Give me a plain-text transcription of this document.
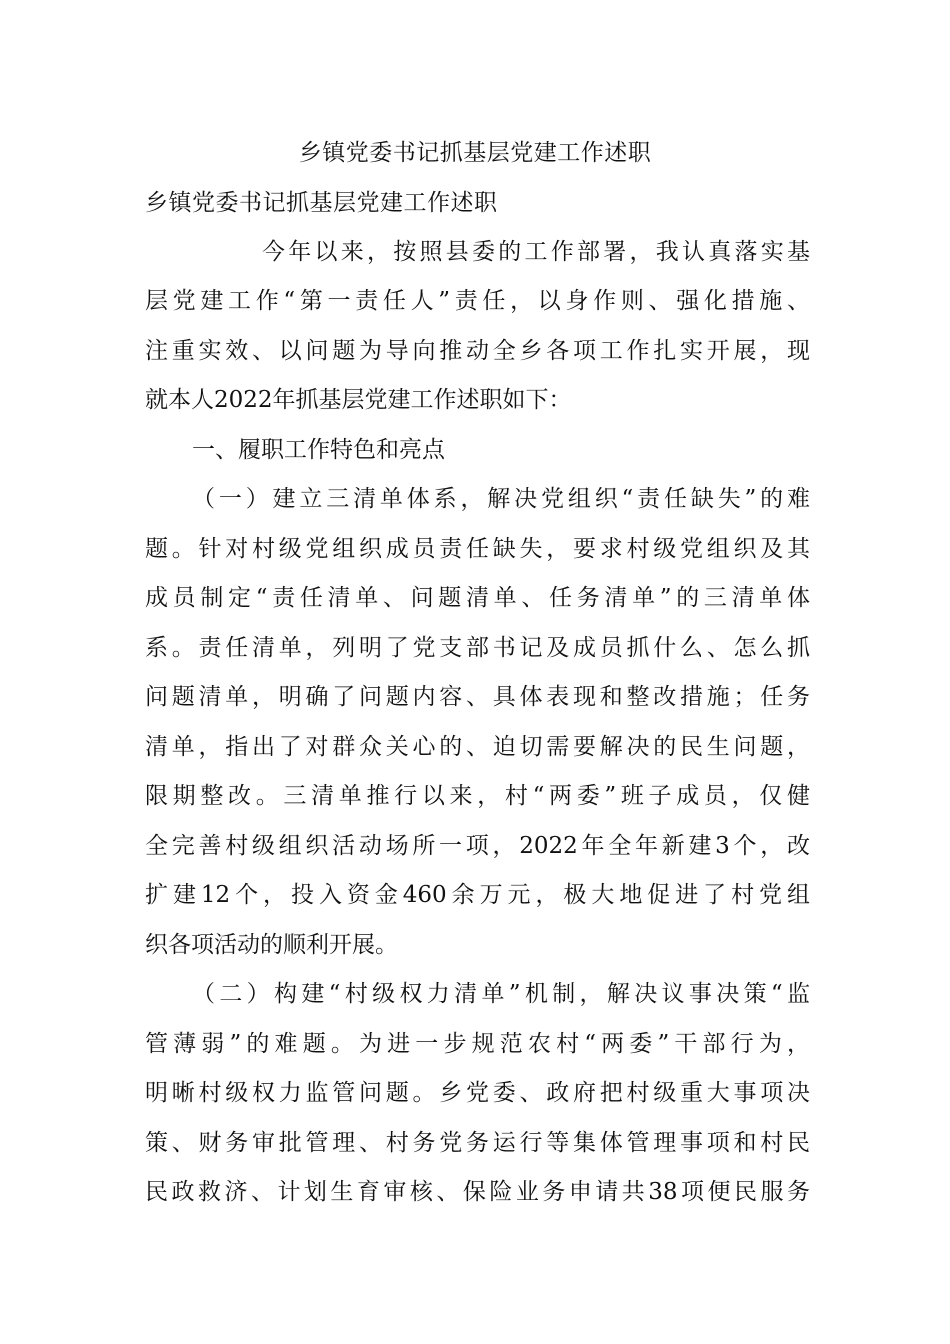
乡镇党委书记抓基层党建工作述职
乡镇党委书记抓基层党建工作述职
今年以来，按照县委的工作部署，我认真落实基
层党建工作“第一责任人”责任，以身作则、强化措施、
注重实效、以问题为导向推动全乡各项工作扎实开展，现
就本人2022年抓基层党建工作述职如下：
一、履职工作特色和亮点
（一）建立三清单体系，解决党组织“责任缺失”的难
题。针对村级党组织成员责任缺失，要求村级党组织及其
成员制定“责任清单、问题清单、任务清单”的三清单体
系。责任清单，列明了党支部书记及成员抓什么、怎么抓
问题清单，明确了问题内容、具体表现和整改措施；任务
清单，指出了对群众关心的、迫切需要解决的民生问题，
限期整改。三清单推行以来，村“两委”班子成员，仅健
全完善村级组织活动场所一项，2022年全年新建3个，改
扩建12个，投入资金460余万元，极大地促进了村党组
织各项活动的顺利开展。
（二）构建“村级权力清单”机制，解决议事决策“监
管薄弱”的难题。为进一步规范农村“两委”干部行为，
明晰村级权力监管问题。乡党委、政府把村级重大事项决
策、财务审批管理、村务党务运行等集体管理事项和村民
民政救济、计划生育审核、保险业务申请共38项便民服务
